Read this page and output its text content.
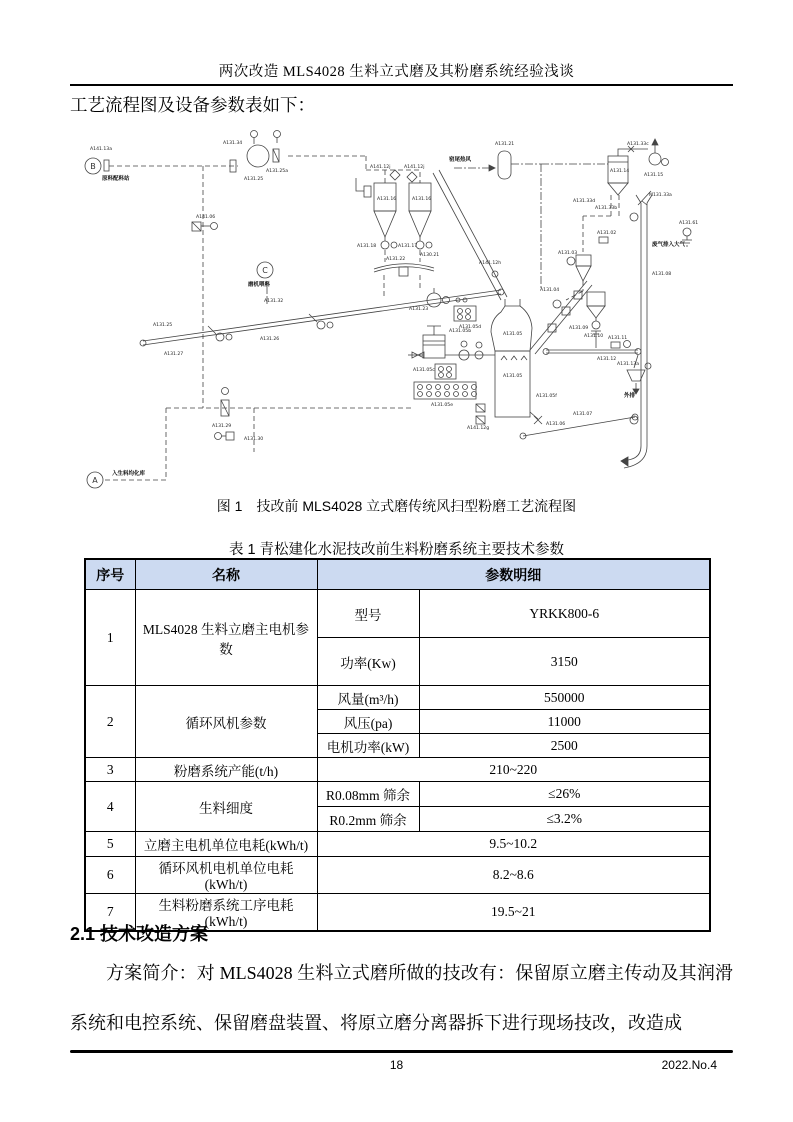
两次改造 MLS4028 生料立式磨及其粉磨系统经验浅谈
工艺流程图及设备参数表如下：
A141.13a
原料配料站
A131.34
A131.25
A131.25a
A141.06
A141.12j	A141.12j
A131.16	A131.16
A131.18	A131.17
A131.22
A130.21
A131.23
A131.25
A131.27
A131.26
A131.32
磨机喂料
A131.29
A131.30
入生料均化库
A131.21
窑尾热风
A141.12h
A131.05b
A131.05c
A131.05e
A141.12g
A131.05d
A131.05
A131.05
A131.05f
A131.06
A131.07
A131.04
A131.09
A131.10 A131.11
A131.12
A131.13a
外排
A131.03
A131.02
A131.33d
A131.33b
A131.14
A131.33c
A131.15
M131.33a
A131.08
A131.61
废气排入大气
B
C
A
图 1　技改前 MLS4028 立式磨传统风扫型粉磨工艺流程图
表 1 青松建化水泥技改前生料粉磨系统主要技术参数
序号	名称	参数明细	
1	MLS4028 生料立磨主电机参数	型号	YRKK800-6
		功率(Kw)	3150
2	循环风机参数	风量(m³/h)	550000
		风压(pa)	11000
		电机功率(kW)	2500
3	粉磨系统产能(t/h)	210~220	
4	生料细度	R0.08mm 筛余	≤26%
		R0.2mm 筛余	≤3.2%
5	立磨主电机单位电耗(kWh/t)	9.5~10.2	
6	循环风机电机单位电耗(kWh/t)	8.2~8.6	
7	生料粉磨系统工序电耗(kWh/t)	19.5~21	
2.1 技术改造方案
方案简介：对 MLS4028 生料立式磨所做的技改有：保留原立磨主传动及其润滑系统和电控系统、保留磨盘装置、将原立磨分离器拆下进行现场技改，改造成
18	2022.No.4
